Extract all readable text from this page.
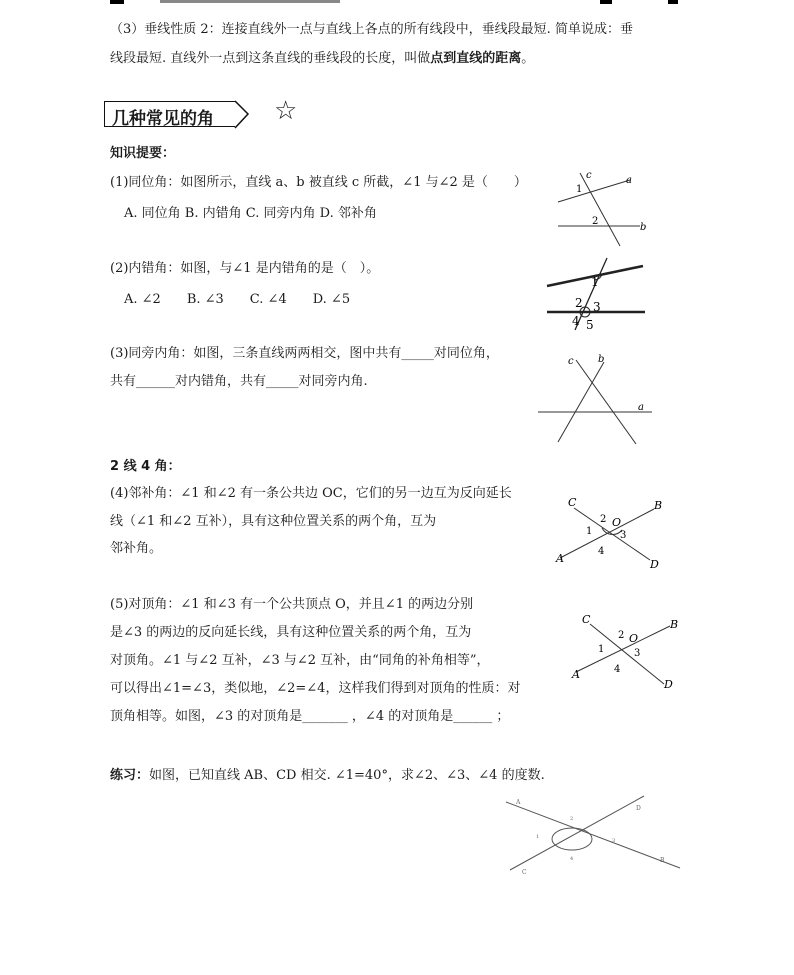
（3）垂线性质 2：连接直线外一点与直线上各点的所有线段中，垂线段最短. 简单说成：垂
线段最短. 直线外一点到这条直线的垂线段的长度，叫做点到直线的距离。
几种常见的角 ☆
知识提要：
(1)同位角：如图所示，直线 a、b 被直线 c 所截，∠1 与∠2 是（　　）
A. 同位角 B. 内错角 C. 同旁内角 D. 邻补角
c	a
b
1
2
(2)内错角：如图，与∠1 是内错角的是（　）。
A. ∠2　　B. ∠3　　C. ∠4　　D. ∠5
1
2 3
4 5
(3)同旁内角：如图，三条直线两两相交，图中共有_____对同位角，
共有______对内错角，共有_____对同旁内角.
c b
a
2 线 4 角：
(4)邻补角：∠1 和∠2 有一条公共边 OC，它们的另一边互为反向延长
线（∠1 和∠2 互补），具有这种位置关系的两个角，互为
邻补角。
C	B
O
A	D
1
2
3
4
(5)对顶角：∠1 和∠3 有一个公共顶点 O，并且∠1 的两边分别
是∠3 的两边的反向延长线，具有这种位置关系的两个角，互为
对顶角。∠1 与∠2 互补，∠3 与∠2 互补，由“同角的补角相等”，
可以得出∠1=∠3，类似地，∠2=∠4，这样我们得到对顶角的性质：对
顶角相等。如图，∠3 的对顶角是_______ ，∠4 的对顶角是______ ；
C	B
O
A
D
1
2
3
4
练习：如图，已知直线 AB、CD 相交. ∠1=40°，求∠2、∠3、∠4 的度数.
A
D
C
B
1
2
3
4
